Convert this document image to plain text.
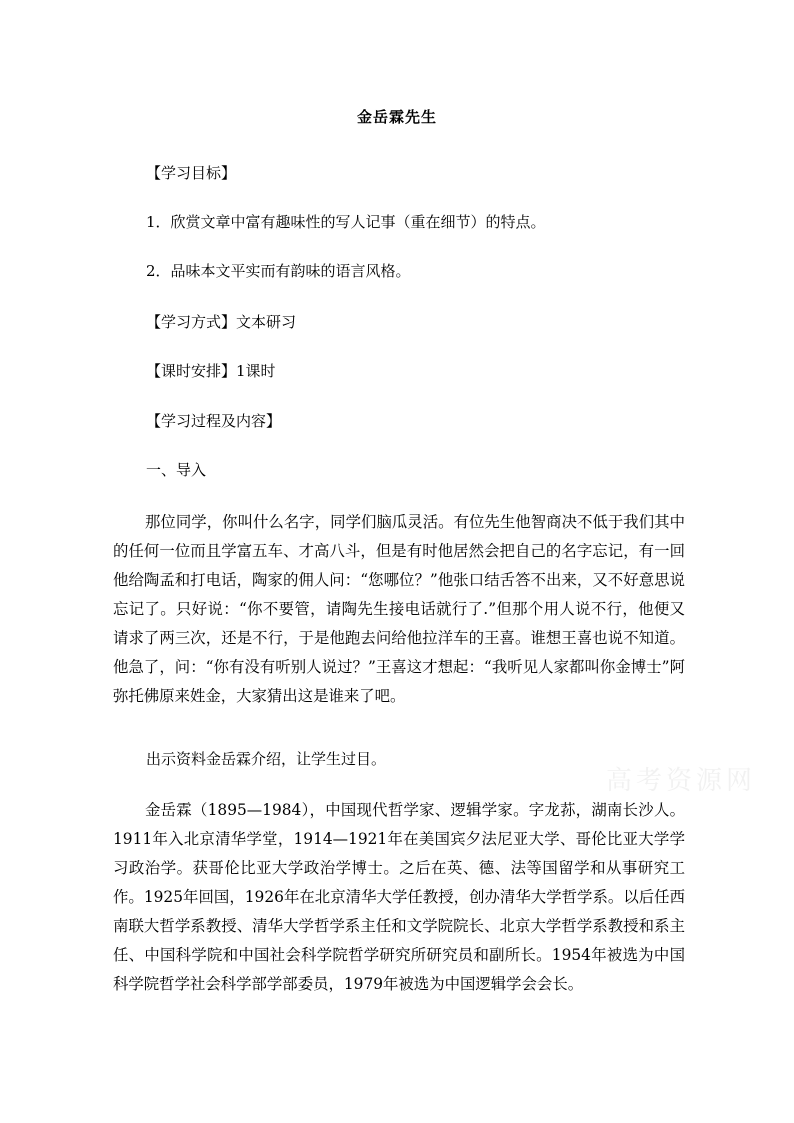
金岳霖先生
【学习目标】
1．欣赏文章中富有趣味性的写人记事（重在细节）的特点。
2．品味本文平实而有韵味的语言风格。
【学习方式】文本研习
【课时安排】1课时
【学习过程及内容】
一、导入

那位同学，你叫什么名字，同学们脑瓜灵活。有位先生他智商决不低于我们其中的任何一位而且学富五车、才高八斗，但是有时他居然会把自己的名字忘记，有一回他给陶孟和打电话，陶家的佣人问：“您哪位？”他张口结舌答不出来，又不好意思说忘记了。只好说：“你不要管，请陶先生接电话就行了.”但那个用人说不行，他便又请求了两三次，还是不行，于是他跑去问给他拉洋车的王喜。谁想王喜也说不知道。他急了，问：“你有没有听别人说过？”王喜这才想起：“我听见人家都叫你金博士”阿弥托佛原来姓金，大家猜出这是谁来了吧。

出示资料金岳霖介绍，让学生过目。

金岳霖（1895—1984），中国现代哲学家、逻辑学家。字龙荪，湖南长沙人。1911年入北京清华学堂，1914—1921年在美国宾夕法尼亚大学、哥伦比亚大学学习政治学。获哥伦比亚大学政治学博士。之后在英、德、法等国留学和从事研究工作。1925年回国，1926年在北京清华大学任教授，创办清华大学哲学系。以后任西南联大哲学系教授、清华大学哲学系主任和文学院院长、北京大学哲学系教授和系主任、中国科学院和中国社会科学院哲学研究所研究员和副所长。1954年被选为中国科学院哲学社会科学部学部委员，1979年被选为中国逻辑学会会长。

高考资源网
